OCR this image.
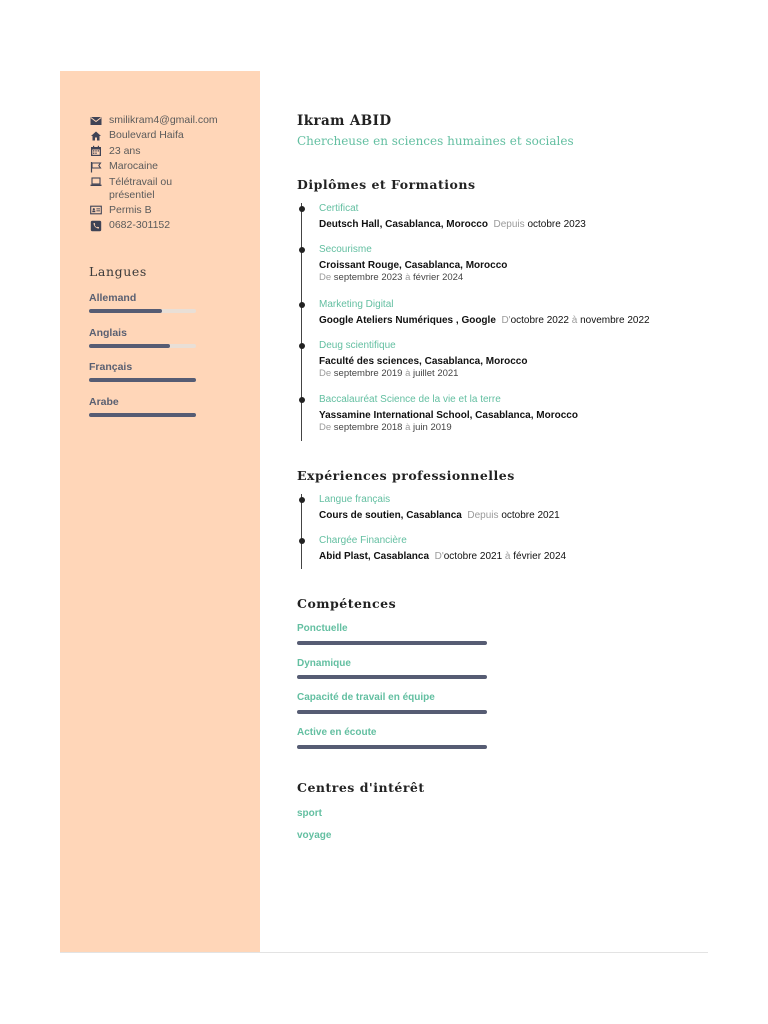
smilikram4@gmail.com
Boulevard Haifa
23 ans
Marocaine
Télétravail ou
présentiel
Permis B
0682-301152
Langues
Allemand
Anglais
Français
Arabe
Ikram ABID
Chercheuse en sciences humaines et sociales
Diplômes et Formations
Certificat
Deutsch Hall, Casablanca, Morocco Depuis octobre 2023
Secourisme
Croissant Rouge, Casablanca, Morocco
De septembre 2023 à février 2024
Marketing Digital
Google Ateliers Numériques , Google D'octobre 2022 à novembre 2022
Deug scientifique
Faculté des sciences, Casablanca, Morocco
De septembre 2019 à juillet 2021
Baccalauréat Science de la vie et la terre
Yassamine International School, Casablanca, Morocco
De septembre 2018 à juin 2019
Expériences professionnelles
Langue français
Cours de soutien, Casablanca Depuis octobre 2021
Chargée Financière
Abid Plast, Casablanca D'octobre 2021 à février 2024
Compétences
Ponctuelle
Dynamique
Capacité de travail en équipe
Active en écoute
Centres d'intérêt
sport
voyage
